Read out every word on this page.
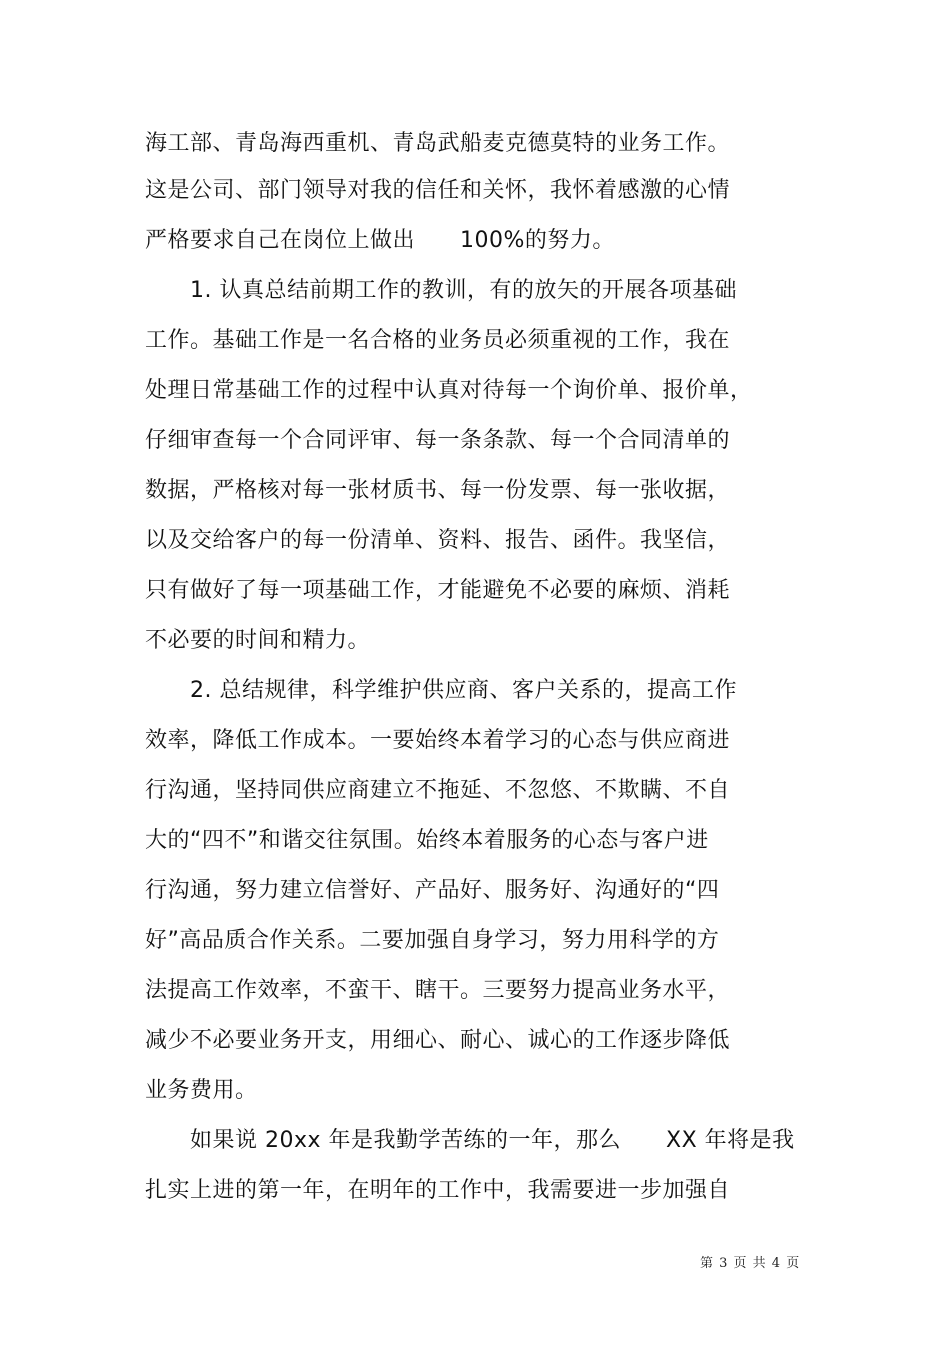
海工部、青岛海西重机、青岛武船麦克德莫特的业务工作。
这是公司、部门领导对我的信任和关怀，我怀着感激的心情
严格要求自己在岗位上做出　　100%的努力。
1. 认真总结前期工作的教训，有的放矢的开展各项基础
工作。基础工作是一名合格的业务员必须重视的工作，我在
处理日常基础工作的过程中认真对待每一个询价单、报价单，
仔细审查每一个合同评审、每一条条款、每一个合同清单的
数据，严格核对每一张材质书、每一份发票、每一张收据，
以及交给客户的每一份清单、资料、报告、函件。我坚信，
只有做好了每一项基础工作，才能避免不必要的麻烦、消耗
不必要的时间和精力。
2. 总结规律，科学维护供应商、客户关系的，提高工作
效率，降低工作成本。一要始终本着学习的心态与供应商进
行沟通，坚持同供应商建立不拖延、不忽悠、不欺瞒、不自
大的“四不”和谐交往氛围。始终本着服务的心态与客户进
行沟通，努力建立信誉好、产品好、服务好、沟通好的“四
好”高品质合作关系。二要加强自身学习，努力用科学的方
法提高工作效率，不蛮干、瞎干。三要努力提高业务水平，
减少不必要业务开支，用细心、耐心、诚心的工作逐步降低
业务费用。
如果说 20xx 年是我勤学苦练的一年，那么　　XX 年将是我
扎实上进的第一年，在明年的工作中，我需要进一步加强自
第 3 页 共 4 页
